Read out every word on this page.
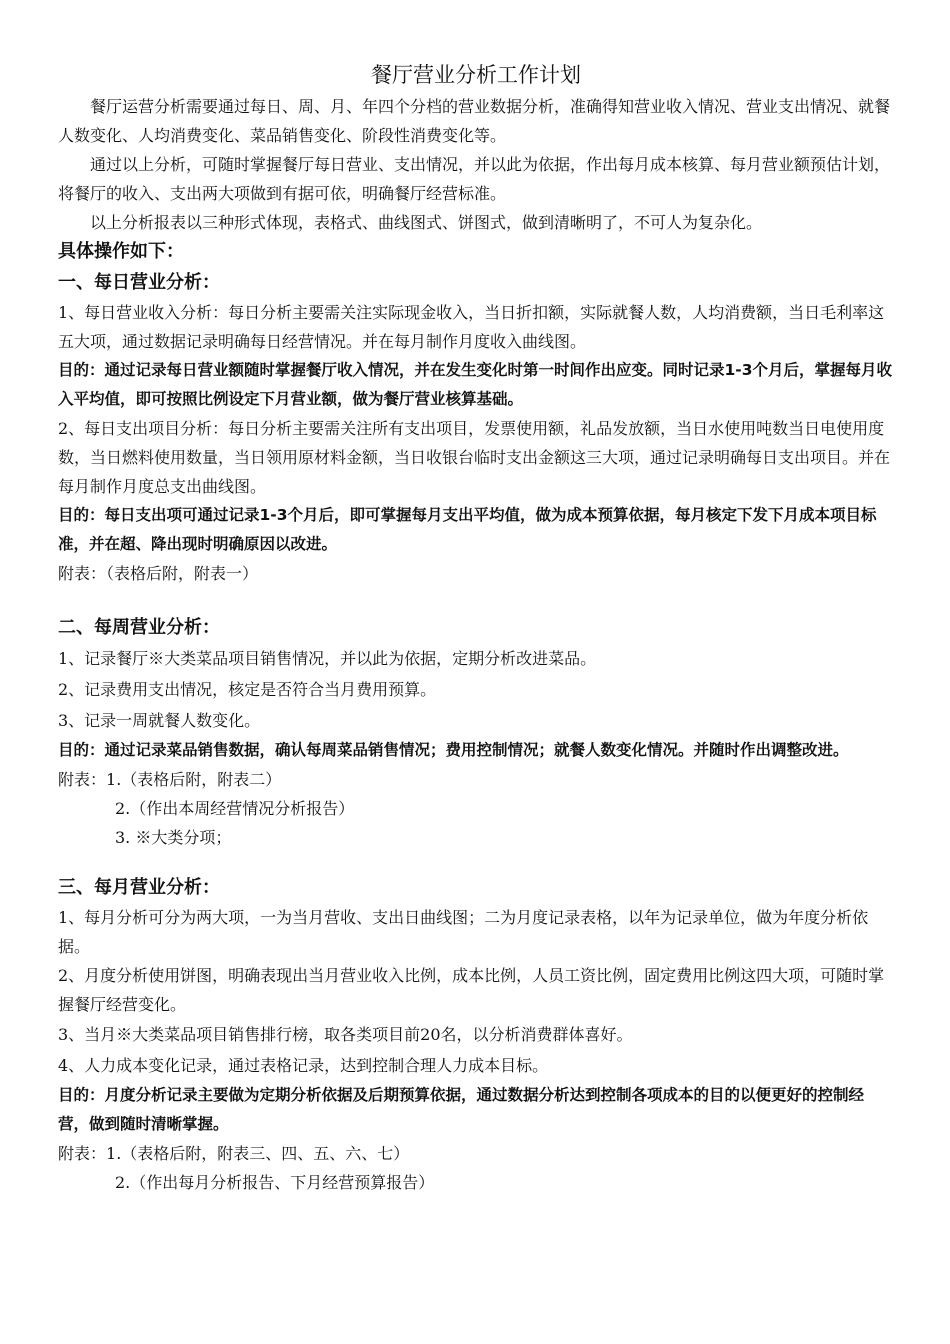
餐厅营业分析工作计划

餐厅运营分析需要通过每日、周、月、年四个分档的营业数据分析，准确得知营业收入情况、营业支出情况、就餐人数变化、人均消费变化、菜品销售变化、阶段性消费变化等。

通过以上分析，可随时掌握餐厅每日营业、支出情况，并以此为依据，作出每月成本核算、每月营业额预估计划，将餐厅的收入、支出两大项做到有据可依，明确餐厅经营标准。

以上分析报表以三种形式体现，表格式、曲线图式、饼图式，做到清晰明了，不可人为复杂化。

具体操作如下：
一、每日营业分析：

1、每日营业收入分析：每日分析主要需关注实际现金收入，当日折扣额，实际就餐人数，人均消费额，当日毛利率这五大项，通过数据记录明确每日经营情况。并在每月制作月度收入曲线图。

目的：通过记录每日营业额随时掌握餐厅收入情况，并在发生变化时第一时间作出应变。同时记录1-3个月后，掌握每月收入平均值，即可按照比例设定下月营业额，做为餐厅营业核算基础。

2、每日支出项目分析：每日分析主要需关注所有支出项目，发票使用额，礼品发放额，当日水使用吨数当日电使用度数，当日燃料使用数量，当日领用原材料金额，当日收银台临时支出金额这三大项，通过记录明确每日支出项目。并在每月制作月度总支出曲线图。

目的：每日支出项可通过记录1-3个月后，即可掌握每月支出平均值，做为成本预算依据，每月核定下发下月成本项目标准，并在超、降出现时明确原因以改进。

附表：（表格后附，附表一）

二、每周营业分析：

1、记录餐厅※大类菜品项目销售情况，并以此为依据，定期分析改进菜品。

2、记录费用支出情况，核定是否符合当月费用预算。

3、记录一周就餐人数变化。

目的：通过记录菜品销售数据，确认每周菜品销售情况；费用控制情况；就餐人数变化情况。并随时作出调整改进。

附表：1.（表格后附，附表二）

2.（作出本周经营情况分析报告）

3. ※大类分项；

三、每月营业分析：

1、每月分析可分为两大项，一为当月营收、支出日曲线图；二为月度记录表格，以年为记录单位，做为年度分析依据。

2、月度分析使用饼图，明确表现出当月营业收入比例，成本比例，人员工资比例，固定费用比例这四大项，可随时掌握餐厅经营变化。

3、当月※大类菜品项目销售排行榜，取各类项目前20名，以分析消费群体喜好。

4、人力成本变化记录，通过表格记录，达到控制合理人力成本目标。

目的：月度分析记录主要做为定期分析依据及后期预算依据，通过数据分析达到控制各项成本的目的以便更好的控制经营，做到随时清晰掌握。

附表：1.（表格后附，附表三、四、五、六、七）

2.（作出每月分析报告、下月经营预算报告）
